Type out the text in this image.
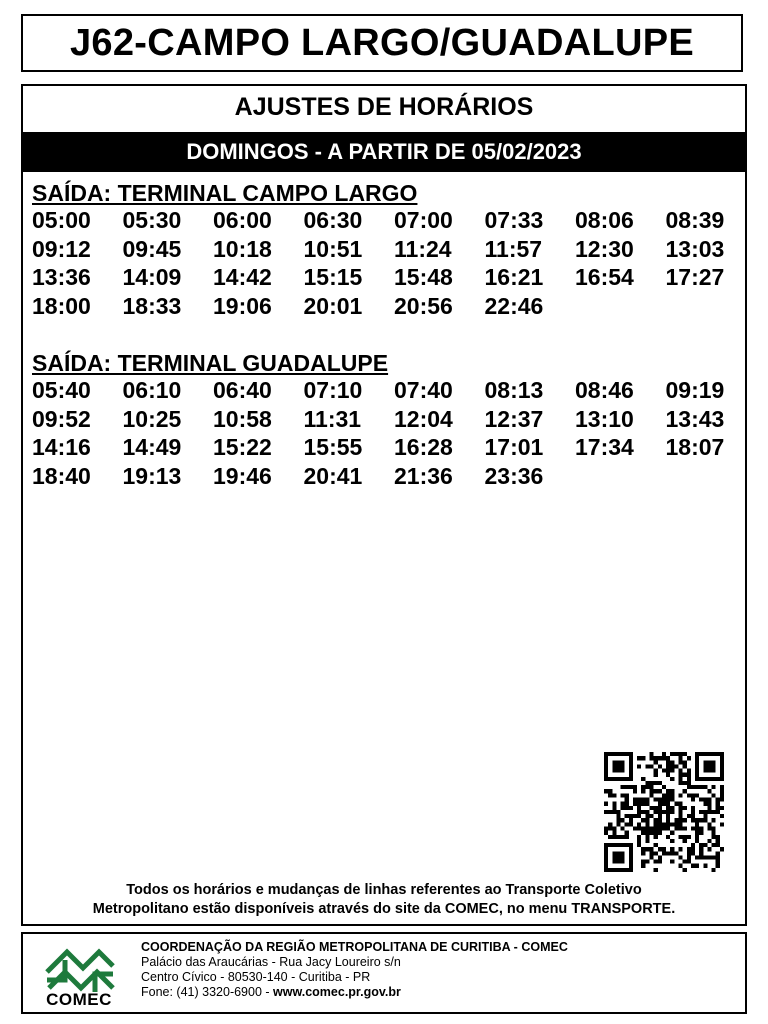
J62-CAMPO LARGO/GUADALUPE
AJUSTES DE HORÁRIOS
DOMINGOS - A PARTIR DE 05/02/2023
SAÍDA: TERMINAL CAMPO LARGO
05:00	05:30	06:00	06:30	07:00	07:33	08:06	08:39
09:12	09:45	10:18	10:51	11:24	11:57	12:30	13:03
13:36	14:09	14:42	15:15	15:48	16:21	16:54	17:27
18:00	18:33	19:06	20:01	20:56	22:46
SAÍDA: TERMINAL GUADALUPE
05:40	06:10	06:40	07:10	07:40	08:13	08:46	09:19
09:52	10:25	10:58	11:31	12:04	12:37	13:10	13:43
14:16	14:49	15:22	15:55	16:28	17:01	17:34	18:07
18:40	19:13	19:46	20:41	21:36	23:36
Todos os horários e mudanças de linhas referentes ao Transporte Coletivo
Metropolitano estão disponíveis através do site da COMEC, no menu TRANSPORTE.
COMEC
COORDENAÇÃO DA REGIÃO METROPOLITANA DE CURITIBA - COMEC
Palácio das Araucárias - Rua Jacy Loureiro s/n
Centro Cívico - 80530-140 - Curitiba - PR
Fone: (41) 3320-6900 - www.comec.pr.gov.br
